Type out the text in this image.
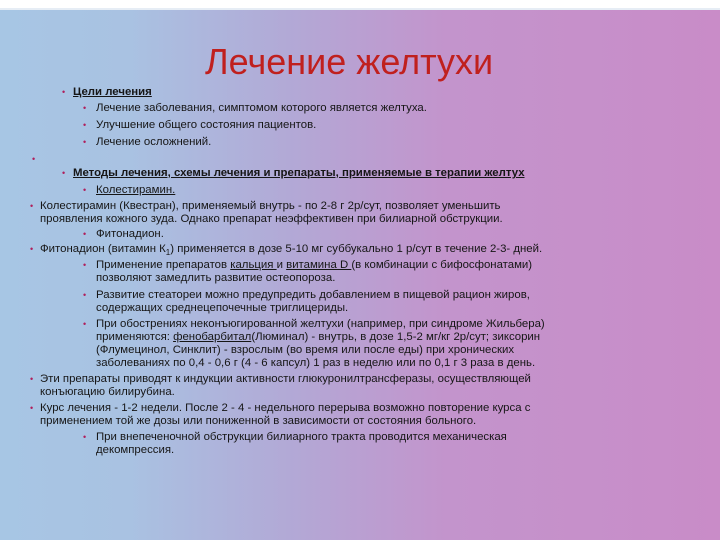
Лечение желтухи
• Цели лечения
• Лечение заболевания, симптомом которого является желтуха.
• Улучшение общего состояния пациентов.
• Лечение осложнений.
•
• Методы лечения, схемы лечения и препараты, применяемые в терапии желтух
• Колестирамин.
• Колестирамин (Квестран), применяемый внутрь - по 2-8 г 2р/сут, позволяет уменьшить
проявления кожного зуда. Однако препарат неэффективен при билиарной обструкции.
• Фитонадион.
• Фитонадион (витамин $К_1$) применяется в дозе 5-10 мг суббукально 1 р/сут в течение 2-3- дней.
• Применение препаратов кальция и витамина D (в комбинации с бифосфонатами)
позволяют замедлить развитие остеопороза.
• Развитие стеатореи можно предупредить добавлением в пищевой рацион жиров,
содержащих среднецепочечные триглицериды.
• При обострениях неконъюгированной желтухи (например, при синдроме Жильбера)
применяются: фенобарбитал(Люминал) - внутрь, в дозе 1,5-2 мг/кг 2р/сут; зиксорин
(Флумецинол, Синклит) - взрослым (во время или после еды) при хронических
заболеваниях по 0,4 - 0,6 г (4 - 6 капсул) 1 раз в неделю или по 0,1 г 3 раза в день.
• Эти препараты приводят к индукции активности глюкуронилтрансферазы, осуществляющей
конъюгацию билирубина.
• Курс лечения - 1-2 недели. После 2 - 4 - недельного перерыва возможно повторение курса с
применением той же дозы или пониженной в зависимости от состояния больного.
• При внепеченочной обструкции билиарного тракта проводится механическая
декомпрессия.
